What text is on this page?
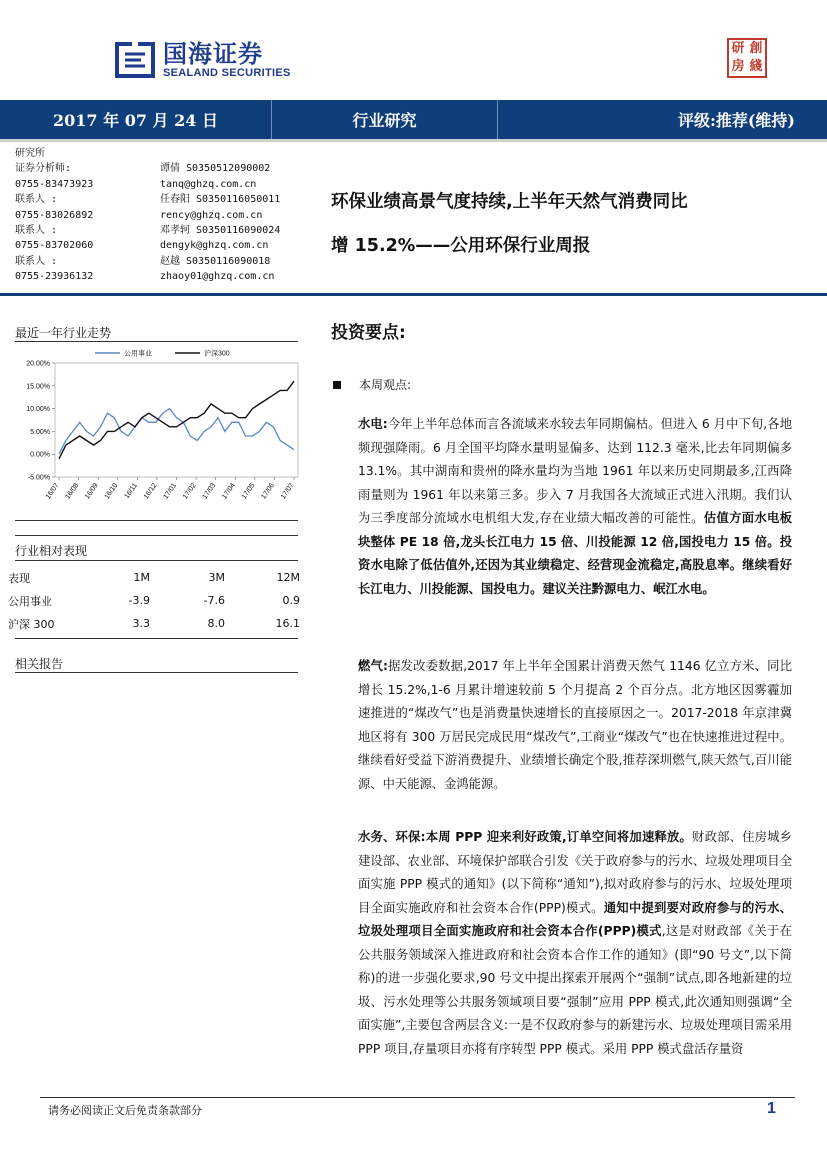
国海证券
SEALAND SECURITIES
研 創
房 綫
2017 年 07 月 24 日	行业研究	评级:推荐(维持)
研究所
证券分析师:	谭倩 S0350512090002
0755-83473923	tanq@ghzq.com.cn
联系人 :	任春阳 S0350116050011
0755-83026892	rency@ghzq.com.cn
联系人 :	邓孝轲 S0350116090024
0755-83702060	dengyk@ghzq.com.cn
联系人 :	赵越 S0350116090018
0755-23936132	zhaoy01@ghzq.com.cn
环保业绩高景气度持续,上半年天然气消费同比
增 15.2%——公用环保行业周报
最近一年行业走势
20.00%
15.00%
10.00%
5.00%
0.00%
-5.00%
16/07 16/08 16/09 16/10 16/11 16/12 17/01 17/02 17/03 17/04 17/05 17/06 17/07
公用事业	沪深300
行业相对表现
表现	1M	3M	12M
公用事业	-3.9	-7.6	0.9
沪深 300	3.3	8.0	16.1
相关报告
投资要点:
本周观点:
水电:今年上半年总体而言各流域来水较去年同期偏枯。但进入 6 月中下旬,各地频现强降雨。6 月全国平均降水量明显偏多、达到 112.3 毫米,比去年同期偏多 13.1%。其中湖南和贵州的降水量均为当地 1961 年以来历史同期最多,江西降雨量则为 1961 年以来第三多。步入 7 月我国各大流域正式进入汛期。我们认为三季度部分流域水电机组大发,存在业绩大幅改善的可能性。估值方面水电板块整体 PE 18 倍,龙头长江电力 15 倍、川投能源 12 倍,国投电力 15 倍。投资水电除了低估值外,还因为其业绩稳定、经营现金流稳定,高股息率。继续看好长江电力、川投能源、国投电力。建议关注黔源电力、岷江水电。
燃气:据发改委数据,2017 年上半年全国累计消费天然气 1146 亿立方米、同比增长 15.2%,1-6 月累计增速较前 5 个月提高 2 个百分点。北方地区因雾霾加速推进的“煤改气”也是消费量快速增长的直接原因之一。2017-2018 年京津冀地区将有 300 万居民完成民用“煤改气”,工商业“煤改气”也在快速推进过程中。继续看好受益下游消费提升、业绩增长确定个股,推荐深圳燃气,陕天然气,百川能源、中天能源、金鸿能源。
水务、环保:本周 PPP 迎来利好政策,订单空间将加速释放。财政部、住房城乡建设部、农业部、环境保护部联合引发《关于政府参与的污水、垃圾处理项目全面实施 PPP 模式的通知》(以下简称“通知”),拟对政府参与的污水、垃圾处理项目全面实施政府和社会资本合作(PPP)模式。通知中提到要对政府参与的污水、垃圾处理项目全面实施政府和社会资本合作(PPP)模式,这是对财政部《关于在公共服务领域深入推进政府和社会资本合作工作的通知》(即“90 号文”,以下简称)的进一步强化要求,90 号文中提出探索开展两个“强制”试点,即各地新建的垃圾、污水处理等公共服务领域项目要“强制”应用 PPP 模式,此次通知则强调“全面实施”,主要包含两层含义:一是不仅政府参与的新建污水、垃圾处理项目需采用 PPP 项目,存量项目亦将有序转型 PPP 模式。采用 PPP 模式盘活存量资
请务必阅读正文后免责条款部分	1
